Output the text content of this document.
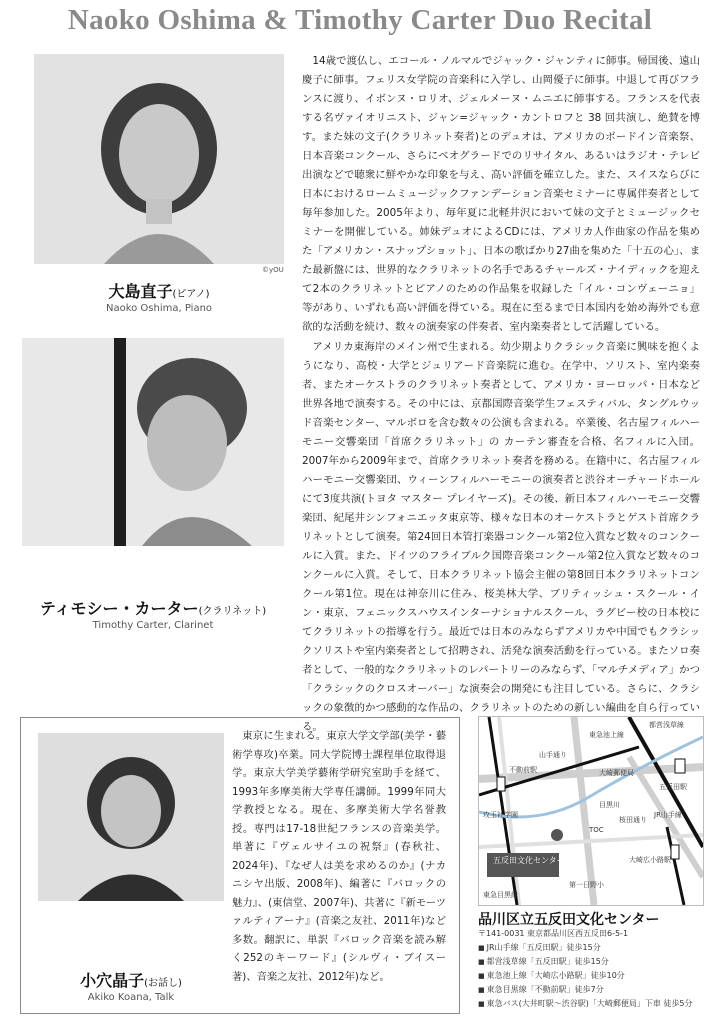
Naoko Oshima & Timothy Carter Duo Recital
©yOU
大島直子(ピアノ)
Naoko Oshima, Piano
14歳で渡仏し、エコール・ノルマルでジャック・ジャンティに師事。帰国後、遠山慶子に師事。フェリス女学院の音楽科に入学し、山岡優子に師事。中退して再びフランスに渡り、イボンヌ・ロリオ、ジェルメーヌ・ムニエに師事する。フランスを代表する名ヴァイオリニスト、ジャン=ジャック・カントロフと 38 回共演し、絶賛を博す。また妹の文子(クラリネット奏者)とのデュオは、アメリカのボードイン音楽祭、日本音楽コンクール、さらにベオグラードでのリサイタル、あるいはラジオ・テレビ出演などで聴衆に鮮やかな印象を与え、高い評価を確立した。また、スイスならびに日本におけるロームミュージックファンデーション音楽セミナーに専属伴奏者として毎年参加した。2005年より、毎年夏に北軽井沢において妹の文子とミュージックセミナーを開催している。姉妹デュオによるCDには、アメリカ人作曲家の作品を集めた「アメリカン・スナップショット」、日本の歌ばかり27曲を集めた「十五の心」、また最新盤には、世界的なクラリネットの名手であるチャールズ・ナイディックを迎えて2本のクラリネットとピアノのための作品集を収録した「イル・コンヴェーニョ」等があり、いずれも高い評価を得ている。現在に至るまで日本国内を始め海外でも意欲的な活動を続け、数々の演奏家の伴奏者、室内楽奏者として活躍している。
ティモシー・カーター(クラリネット)
Timothy Carter, Clarinet
アメリカ東海岸のメイン州で生まれる。幼少期よりクラシック音楽に興味を抱くようになり、高校・大学とジュリアード音楽院に進む。在学中、ソリスト、室内楽奏者、またオーケストラのクラリネット奏者として、アメリカ・ヨーロッパ・日本など世界各地で演奏する。その中には、京都国際音楽学生フェスティバル、タングルウッド音楽センター、マルボロを含む数々の公演も含まれる。卒業後、名古屋フィルハーモニー交響楽団「首席クラリネット」の カーテン審査を合格、名フィルに入団。2007年から2009年まで、首席クラリネット奏者を務める。在籍中に、名古屋フィルハーモニー交響楽団、ウィーンフィルハーモニーの演奏者と渋谷オーチャードホールにて3度共演(トヨタ マスター プレイヤーズ)。その後、新日本フィルハーモニー交響楽団、紀尾井シンフォニエッタ東京等、様々な日本のオーケストラとゲスト首席クラリネットとして演奏。第24回日本管打楽器コンクール第2位入賞など数々のコンクールに入賞。また、ドイツのフライブルク国際音楽コンクール第2位入賞など数々のコンクールに入賞。そして、日本クラリネット協会主催の第8回日本クラリネットコンクール第1位。現在は神奈川に住み、桜美林大学、ブリティッシュ・スクール・イン・東京、フェニックスハウスインターナショナルスクール、ラグビー校の日本校にてクラリネットの指導を行う。最近では日本のみならずアメリカや中国でもクラシックソリストや室内楽奏者として招聘され、活発な演奏活動を行っている。またソロ奏者として、一般的なクラリネットのレパートリーのみならず、「マルチメディア」かつ「クラシックのクロスオーバー」な演奏会の開発にも注目している。さらに、クラシックの象徴的かつ感動的な作品の、クラリネットのための新しい編曲を自ら行っている。
小穴晶子(お話し)
Akiko Koana, Talk
東京に生まれる。東京大学文学部(美学・藝術学専攻)卒業。同大学院博士課程単位取得退学。東京大学美学藝術学研究室助手を経て、1993年多摩美術大学専任講師。1999年同大学教授となる。現在、多摩美術大学名誉教授。専門は17-18世紀フランスの音楽美学。単著に『ヴェルサイユの祝祭』(春秋社、2024年)、『なぜ人は美を求めるのか』(ナカニシヤ出版、2008年)、編著に『バロックの魅力』、(東信堂、2007年)、共著に『新モーツァルティアーナ』(音楽之友社、2011年)など多数。翻訳に、単訳『バロック音楽を読み解く252のキーワード』(シルヴィ・ブイスー著)、音楽之友社、2012年)など。
五反田文化センター
都営浅草線
東急池上線
山手通り
不動前駅
五反田駅
大崎郵便局
目黒川
攻玉社学園
TOC
大崎広小路駅
第一日野小
桜田通り
東急目黒線
JR山手線
品川区立五反田文化センター
〒141-0031 東京都品川区西五反田6-5-1
■ JR山手線「五反田駅」徒歩15分
■ 都営浅草線「五反田駅」徒歩15分
■ 東急池上線「大崎広小路駅」徒歩10分
■ 東急目黒線「不動前駅」徒歩7分
■ 東急バス(大井町駅〜渋谷駅)「大崎郵便局」下車 徒歩5分
